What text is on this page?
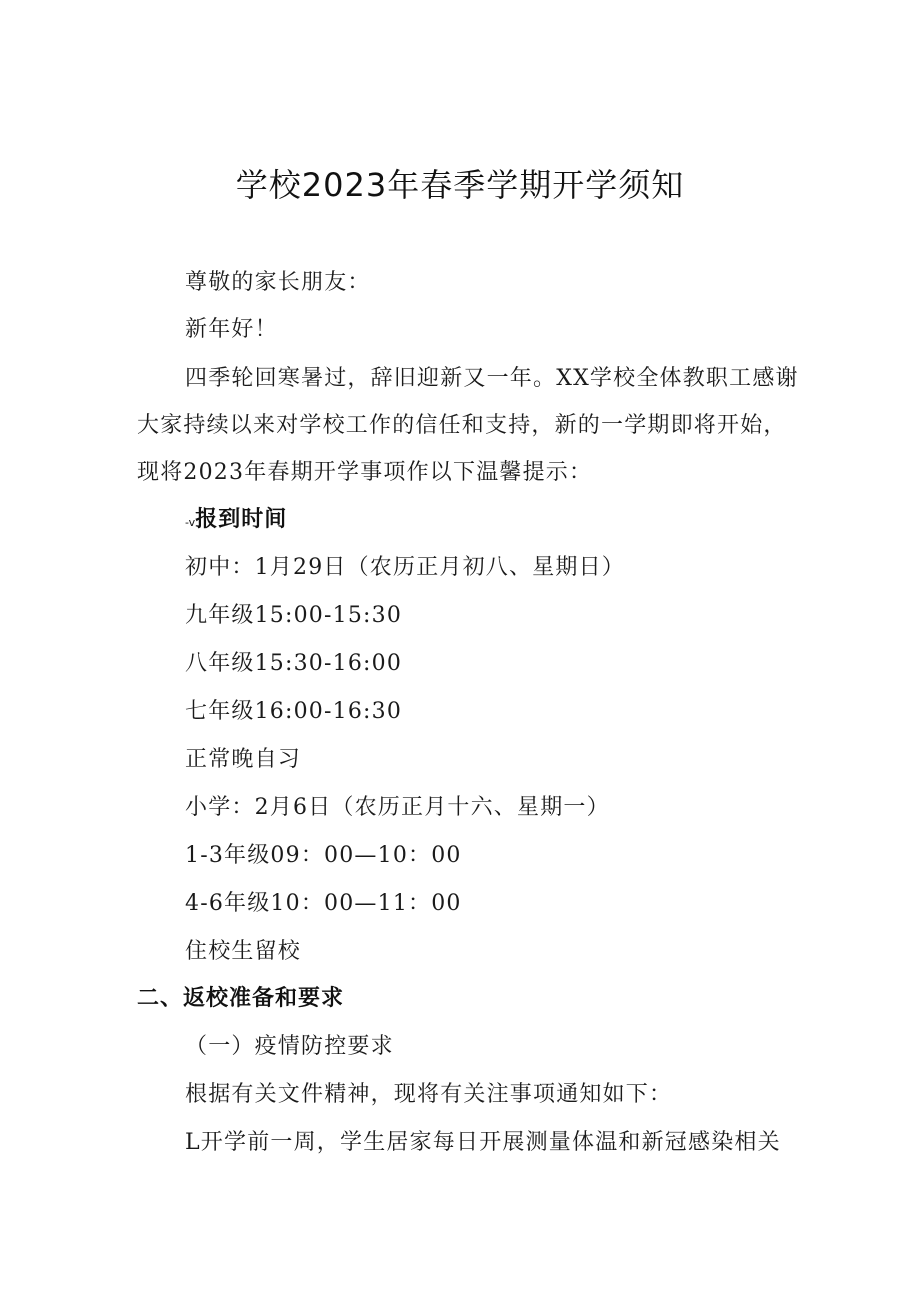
学校2023年春季学期开学须知
尊敬的家长朋友：
新年好！
四季轮回寒暑过，辞旧迎新又一年。XX学校全体教职工感谢大家持续以来对学校工作的信任和支持，新的一学期即将开始，现将2023年春期开学事项作以下温馨提示：
-v报到时间
初中：1月29日（农历正月初八、星期日）
九年级15:00-15:30
八年级15:30-16:00
七年级16:00-16:30
正常晚自习
小学：2月6日（农历正月十六、星期一）
1-3年级09：00—10：00
4-6年级10：00—11：00
住校生留校
二、返校准备和要求
（一）疫情防控要求
根据有关文件精神，现将有关注事项通知如下：
L开学前一周，学生居家每日开展测量体温和新冠感染相关
